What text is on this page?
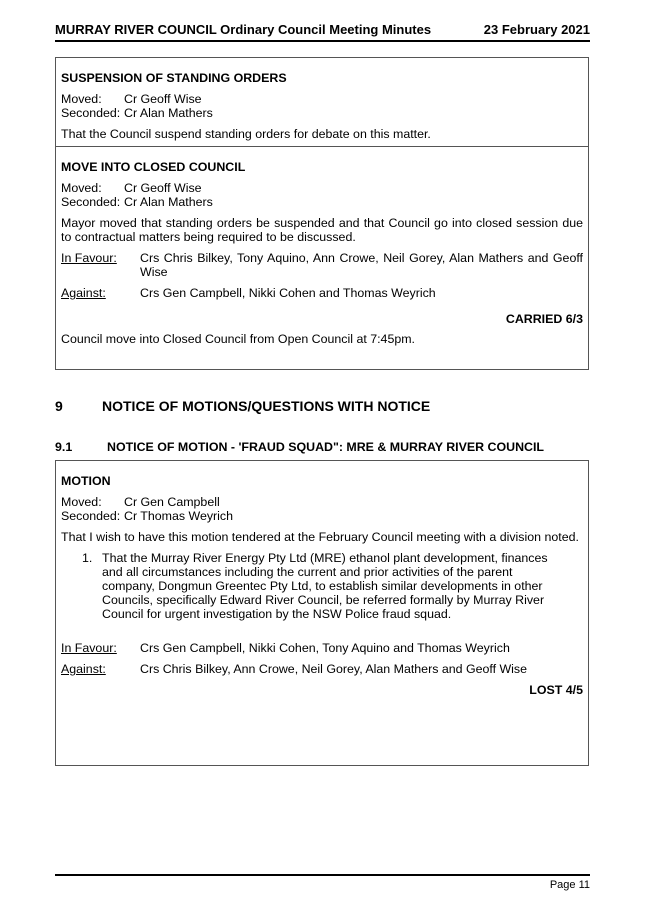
MURRAY RIVER COUNCIL Ordinary Council Meeting Minutes	23 February 2021
SUSPENSION OF STANDING ORDERS
Moved:	Cr Geoff Wise
Seconded: Cr Alan Mathers
That the Council suspend standing orders for debate on this matter.
MOVE INTO CLOSED COUNCIL
Moved:	Cr Geoff Wise
Seconded: Cr Alan Mathers
Mayor moved that standing orders be suspended and that Council go into closed session due to contractual matters being required to be discussed.
In Favour:	Crs Chris Bilkey, Tony Aquino, Ann Crowe, Neil Gorey, Alan Mathers and Geoff Wise
Against:	Crs Gen Campbell, Nikki Cohen and Thomas Weyrich
CARRIED 6/3
Council move into Closed Council from Open Council at 7:45pm.
9	NOTICE OF MOTIONS/QUESTIONS WITH NOTICE
9.1	NOTICE OF MOTION - 'FRAUD SQUAD": MRE & MURRAY RIVER COUNCIL
MOTION
Moved:	Cr Gen Campbell
Seconded: Cr Thomas Weyrich
That I wish to have this motion tendered at the February Council meeting with a division noted.
1. That the Murray River Energy Pty Ltd (MRE) ethanol plant development, finances and all circumstances including the current and prior activities of the parent company, Dongmun Greentec Pty Ltd, to establish similar developments in other Councils, specifically Edward River Council, be referred formally by Murray River Council for urgent investigation by the NSW Police fraud squad.
In Favour:	Crs Gen Campbell, Nikki Cohen, Tony Aquino and Thomas Weyrich
Against:	Crs Chris Bilkey, Ann Crowe, Neil Gorey, Alan Mathers and Geoff Wise
LOST 4/5
Page 11
